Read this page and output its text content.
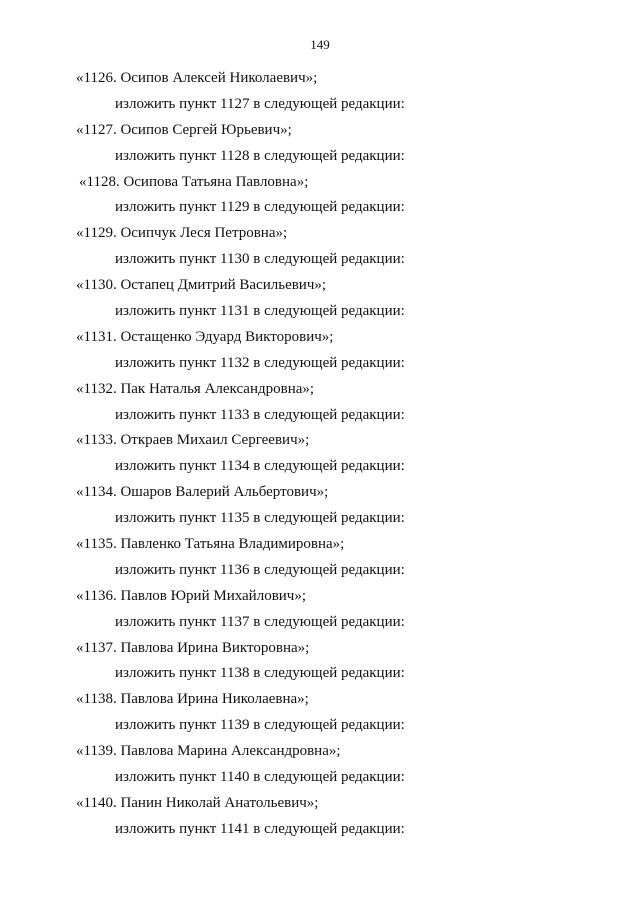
149
«1126. Осипов Алексей Николаевич»;
изложить пункт 1127 в следующей редакции:
«1127. Осипов Сергей Юрьевич»;
изложить пункт 1128 в следующей редакции:
«1128. Осипова Татьяна Павловна»;
изложить пункт 1129 в следующей редакции:
«1129. Осипчук Леся Петровна»;
изложить пункт 1130 в следующей редакции:
«1130. Остапец Дмитрий Васильевич»;
изложить пункт 1131 в следующей редакции:
«1131. Остащенко Эдуард Викторович»;
изложить пункт 1132 в следующей редакции:
«1132. Пак Наталья Александровна»;
изложить пункт 1133 в следующей редакции:
«1133. Откраев Михаил Сергеевич»;
изложить пункт 1134 в следующей редакции:
«1134. Ошаров Валерий Альбертович»;
изложить пункт 1135 в следующей редакции:
«1135. Павленко Татьяна Владимировна»;
изложить пункт 1136 в следующей редакции:
«1136. Павлов Юрий Михайлович»;
изложить пункт 1137 в следующей редакции:
«1137. Павлова Ирина Викторовна»;
изложить пункт 1138 в следующей редакции:
«1138. Павлова Ирина Николаевна»;
изложить пункт 1139 в следующей редакции:
«1139. Павлова Марина Александровна»;
изложить пункт 1140 в следующей редакции:
«1140. Панин Николай Анатольевич»;
изложить пункт 1141 в следующей редакции:
